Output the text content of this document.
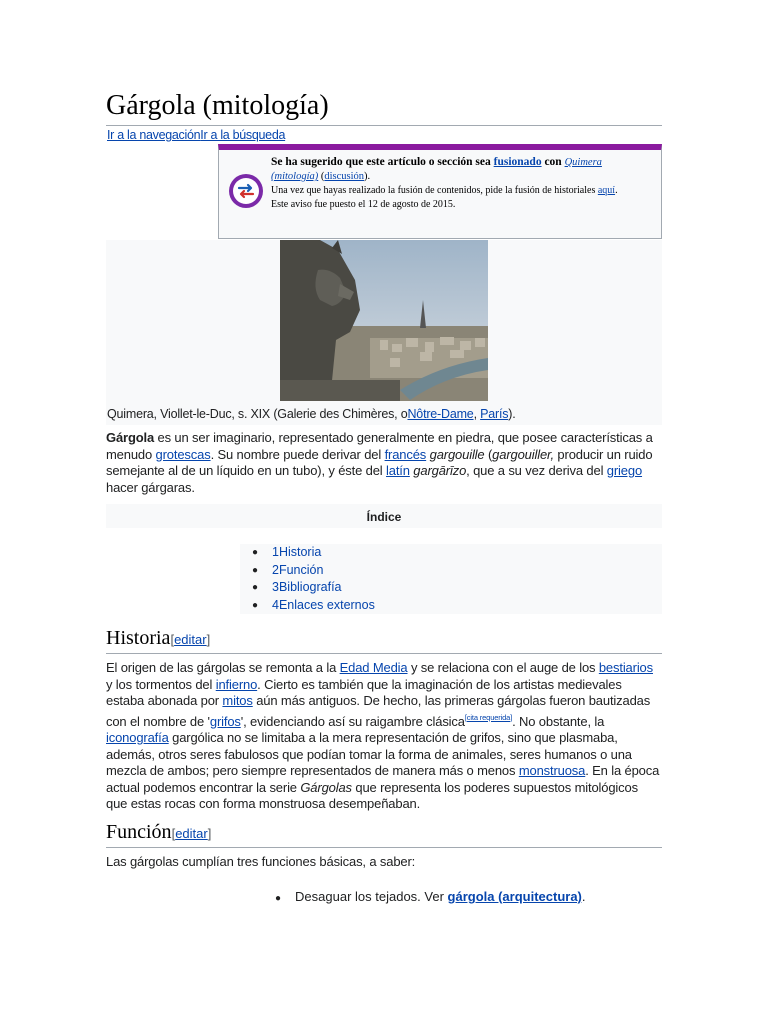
Gárgola (mitología)
Ir a la navegaciónIr a la búsqueda
Se ha sugerido que este artículo o sección sea fusionado con Quimera (mitología) (discusión).
Una vez que hayas realizado la fusión de contenidos, pide la fusión de historiales aquí.
Este aviso fue puesto el 12 de agosto de 2015.
Quimera, Viollet-le-Duc, s. XIX (Galerie des Chimères, oNôtre-Dame, París).

Gárgola es un ser imaginario, representado generalmente en piedra, que posee características a menudo grotescas. Su nombre puede derivar del francés gargouille (gargouiller, producir un ruido semejante al de un líquido en un tubo), y éste del latín gargārīzo, que a su vez deriva del griego hacer gárgaras.

Índice
● 1Historia
● 2Función
● 3Bibliografía
● 4Enlaces externos
Historia[editar]

El origen de las gárgolas se remonta a la Edad Media y se relaciona con el auge de los bestiarios y los tormentos del infierno. Cierto es también que la imaginación de los artistas medievales estaba abonada por mitos aún más antiguos. De hecho, las primeras gárgolas fueron bautizadas con el nombre de 'grifos', evidenciando así su raigambre clásica[cita requerida]. No obstante, la iconografía gargólica no se limitaba a la mera representación de grifos, sino que plasmaba, además, otros seres fabulosos que podían tomar la forma de animales, seres humanos o una mezcla de ambos; pero siempre representados de manera más o menos monstruosa. En la época actual podemos encontrar la serie Gárgolas que representa los poderes supuestos mitológicos que estas rocas con forma monstruosa desempeñaban.

Función[editar]

Las gárgolas cumplían tres funciones básicas, a saber:

● Desaguar los tejados. Ver gárgola (arquitectura).
